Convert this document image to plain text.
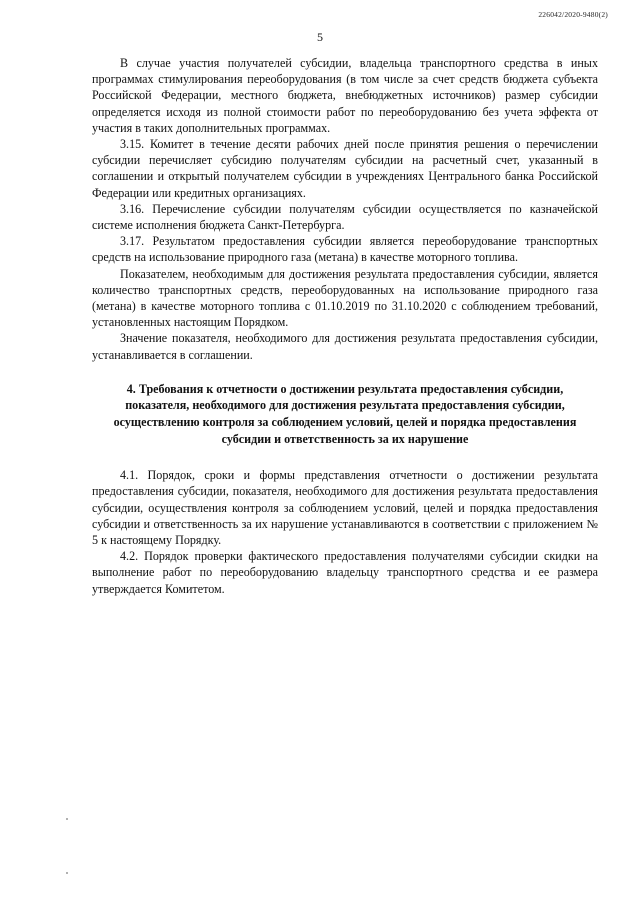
226042/2020-9480(2)
5

В случае участия получателей субсидии, владельца транспортного средства в иных программах стимулирования переоборудования (в том числе за счет средств бюджета субъекта Российской Федерации, местного бюджета, внебюджетных источников) размер субсидии определяется исходя из полной стоимости работ по переоборудованию без учета эффекта от участия в таких дополнительных программах.

3.15. Комитет в течение десяти рабочих дней после принятия решения о перечислении субсидии перечисляет субсидию получателям субсидии на расчетный счет, указанный в соглашении и открытый получателем субсидии в учреждениях Центрального банка Российской Федерации или кредитных организациях.

3.16. Перечисление субсидии получателям субсидии осуществляется по казначейской системе исполнения бюджета Санкт-Петербурга.

3.17. Результатом предоставления субсидии является переоборудование транспортных средств на использование природного газа (метана) в качестве моторного топлива.

Показателем, необходимым для достижения результата предоставления субсидии, является количество транспортных средств, переоборудованных на использование природного газа (метана) в качестве моторного топлива с 01.10.2019 по 31.10.2020 с соблюдением требований, установленных настоящим Порядком.

Значение показателя, необходимого для достижения результата предоставления субсидии, устанавливается в соглашении.

4. Требования к отчетности о достижении результата предоставления субсидии,
показателя, необходимого для достижения результата предоставления субсидии,
осуществлению контроля за соблюдением условий, целей и порядка предоставления
субсидии и ответственность за их нарушение

4.1. Порядок, сроки и формы представления отчетности о достижении результата предоставления субсидии, показателя, необходимого для достижения результата предоставления субсидии, осуществления контроля за соблюдением условий, целей и порядка предоставления субсидии и ответственность за их нарушение устанавливаются в соответствии с приложением № 5 к настоящему Порядку.

4.2. Порядок проверки фактического предоставления получателями субсидии скидки на выполнение работ по переоборудованию владельцу транспортного средства и ее размера утверждается Комитетом.
